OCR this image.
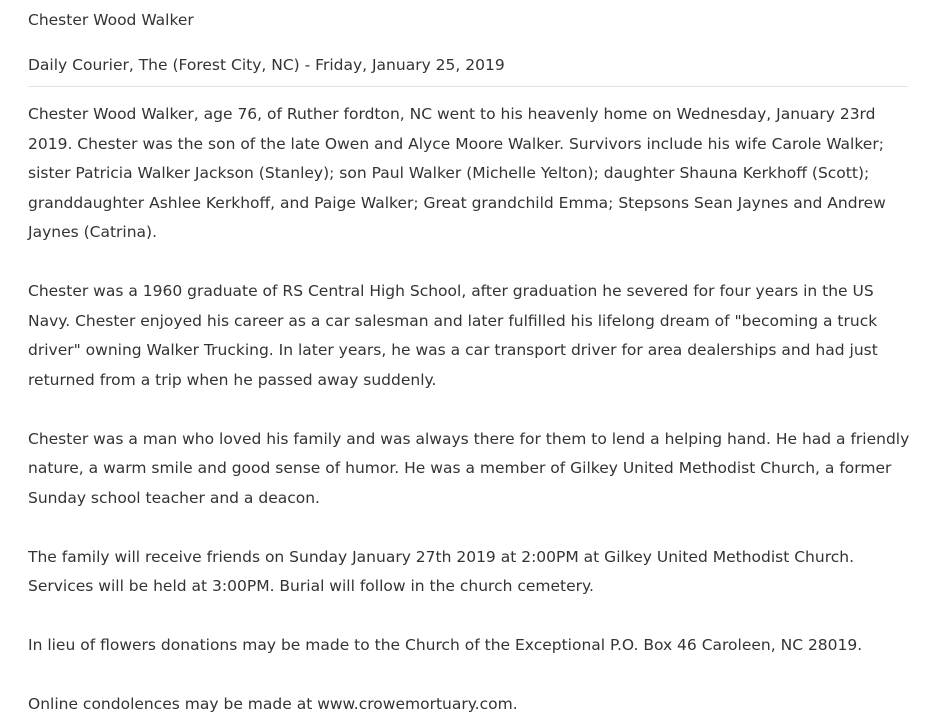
Chester Wood Walker
Daily Courier, The (Forest City, NC) - Friday, January 25, 2019

Chester Wood Walker, age 76, of Ruther fordton, NC went to his heavenly home on Wednesday, January 23rd 2019. Chester was the son of the late Owen and Alyce Moore Walker. Survivors include his wife Carole Walker; sister Patricia Walker Jackson (Stanley); son Paul Walker (Michelle Yelton); daughter Shauna Kerkhoff (Scott); granddaughter Ashlee Kerkhoff, and Paige Walker; Great grandchild Emma; Stepsons Sean Jaynes and Andrew Jaynes (Catrina).

Chester was a 1960 graduate of RS Central High School, after graduation he severed for four years in the US Navy. Chester enjoyed his career as a car salesman and later fulfilled his lifelong dream of "becoming a truck driver" owning Walker Trucking. In later years, he was a car transport driver for area dealerships and had just returned from a trip when he passed away suddenly.

Chester was a man who loved his family and was always there for them to lend a helping hand. He had a friendly nature, a warm smile and good sense of humor. He was a member of Gilkey United Methodist Church, a former Sunday school teacher and a deacon.

The family will receive friends on Sunday January 27th 2019 at 2:00PM at Gilkey United Methodist Church. Services will be held at 3:00PM. Burial will follow in the church cemetery.

In lieu of flowers donations may be made to the Church of the Exceptional P.O. Box 46 Caroleen, NC 28019.

Online condolences may be made at www.crowemortuary.com.
